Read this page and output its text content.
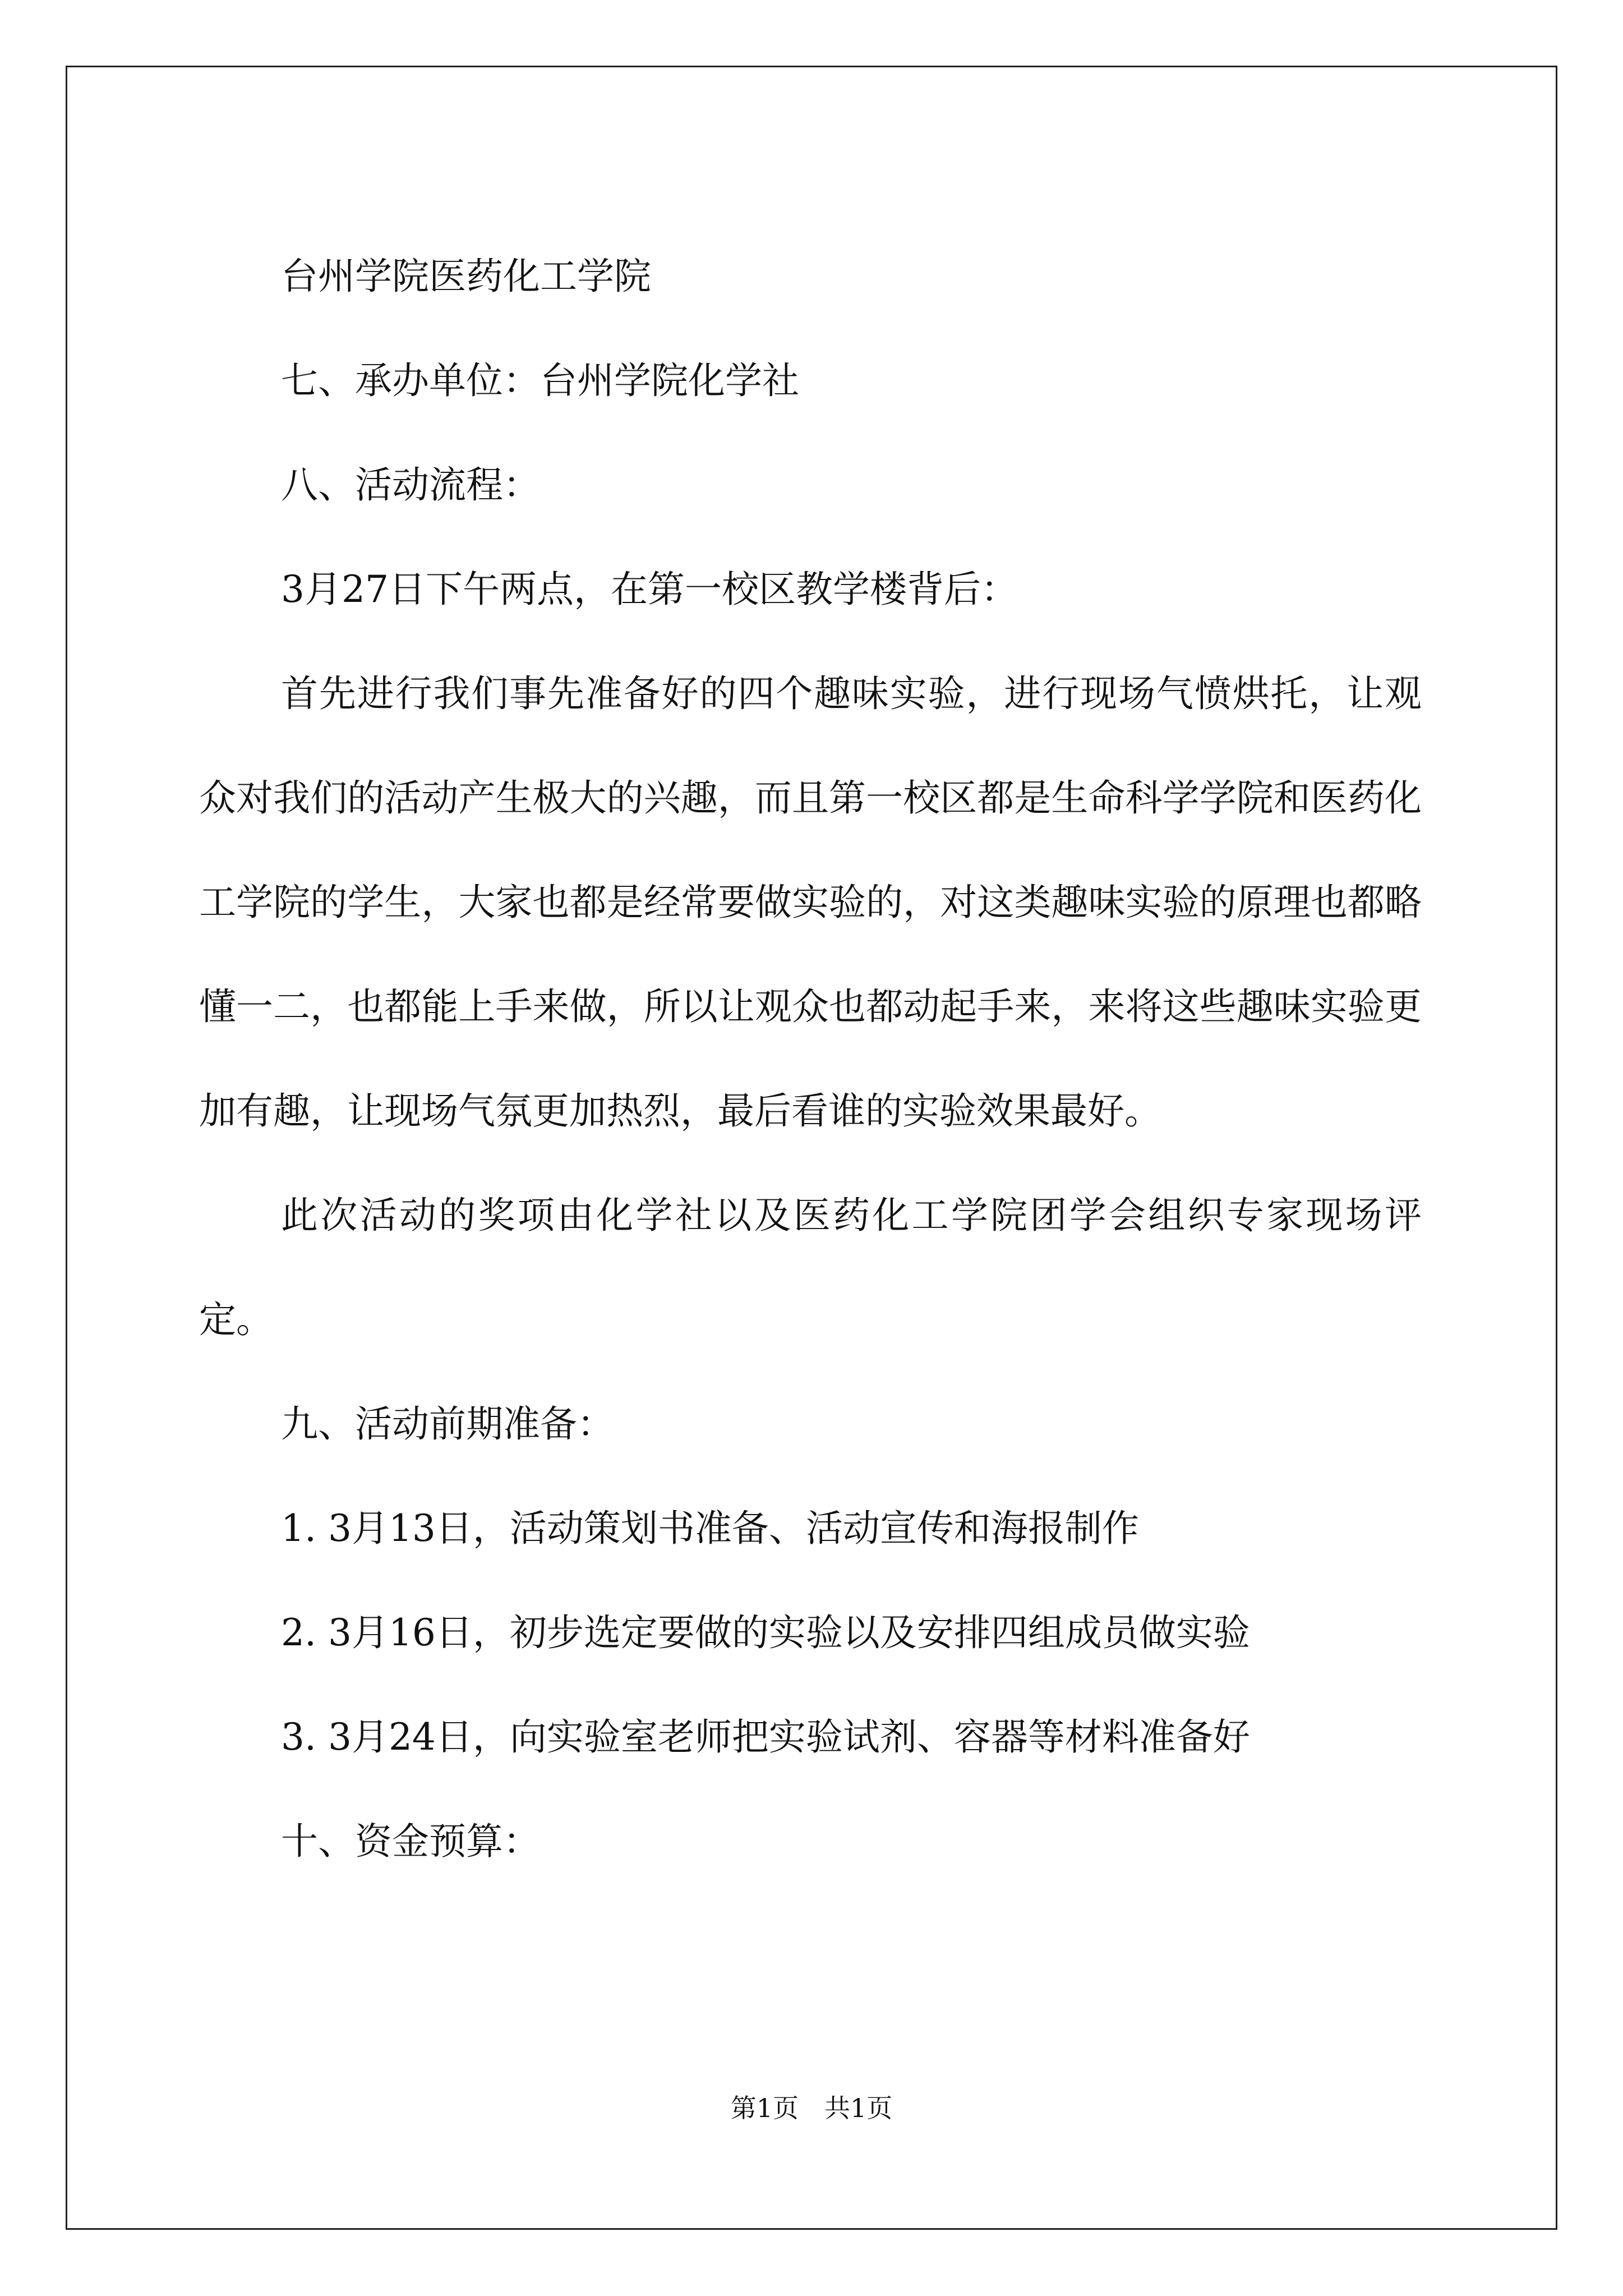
台州学院医药化工学院

七、承办单位：台州学院化学社

八、活动流程：

3月27日下午两点，在第一校区教学楼背后：

首先进行我们事先准备好的四个趣味实验，进行现场气愤烘托，让观众对我们的活动产生极大的兴趣，而且第一校区都是生命科学学院和医药化工学院的学生，大家也都是经常要做实验的，对这类趣味实验的原理也都略懂一二，也都能上手来做，所以让观众也都动起手来，来将这些趣味实验更加有趣，让现场气氛更加热烈，最后看谁的实验效果最好。

此次活动的奖项由化学社以及医药化工学院团学会组织专家现场评定。

九、活动前期准备：

1. 3月13日，活动策划书准备、活动宣传和海报制作

2. 3月16日，初步选定要做的实验以及安排四组成员做实验

3. 3月24日，向实验室老师把实验试剂、容器等材料准备好

十、资金预算：

第1页　共1页
